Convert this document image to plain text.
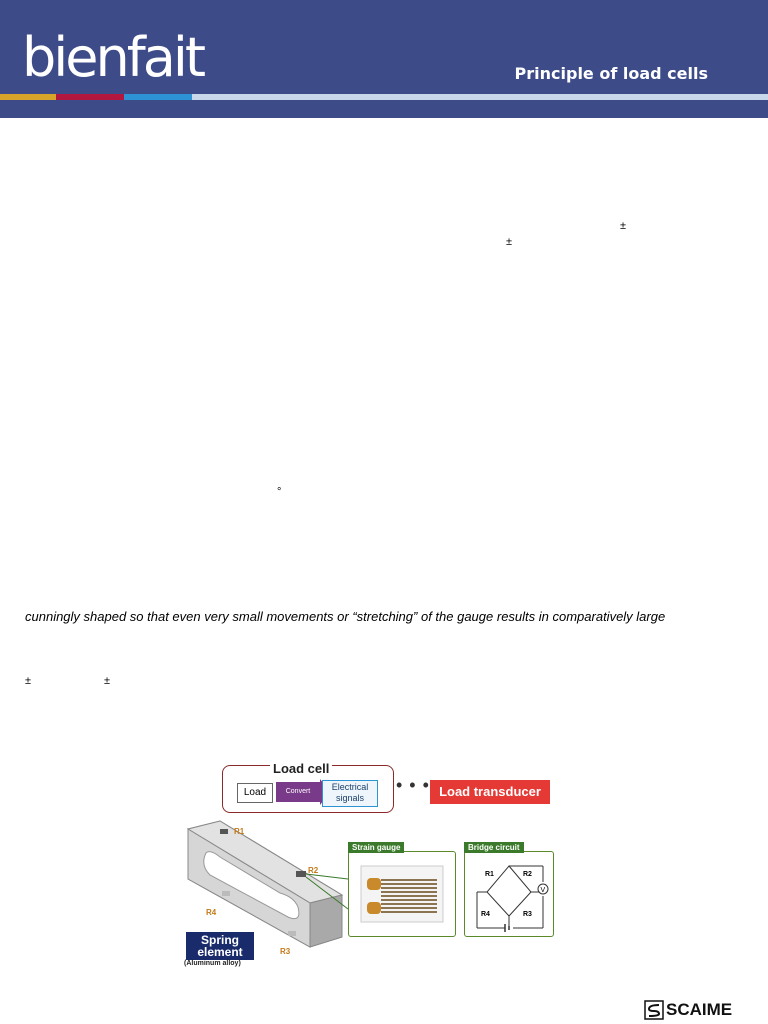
bienfait	Principle of load cells
±
±
°
±	±
cunningly shaped so that even very small movements or “stretching” of the gauge results in comparatively large
Load cell
Load	Convert	Electrical
signals
• • • Load transducer
R1
R2
R4
R3
Spring
element
(Aluminum alloy)
Strain gauge
V
R1	R2
R4	R3
Bridge circuit
SCAIME
